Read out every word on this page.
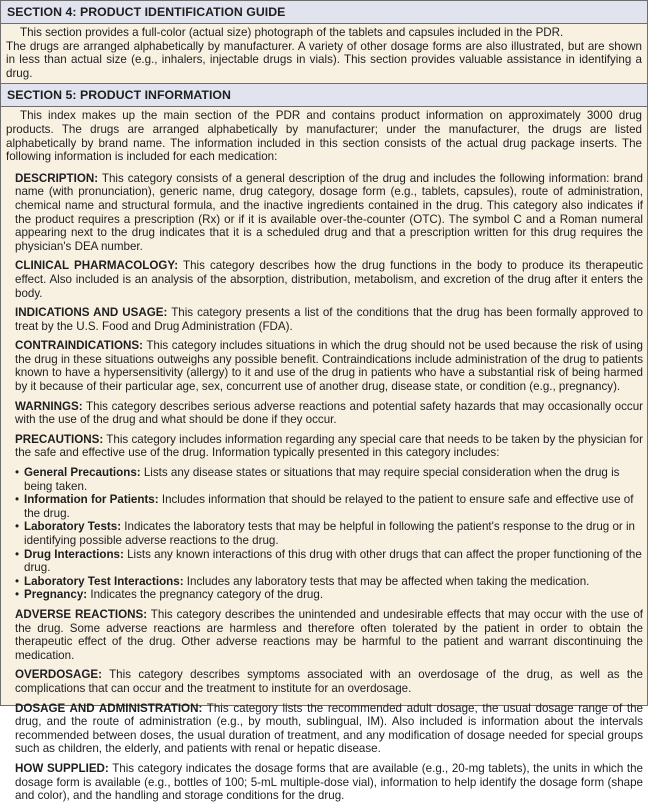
SECTION 4: PRODUCT IDENTIFICATION GUIDE

This section provides a full-color (actual size) photograph of the tablets and capsules included in the PDR.

The drugs are arranged alphabetically by manufacturer. A variety of other dosage forms are also illustrated, but are shown in less than actual size (e.g., inhalers, injectable drugs in vials). This section provides valuable assistance in identifying a drug.

SECTION 5: PRODUCT INFORMATION

This index makes up the main section of the PDR and contains product information on approximately 3000 drug products. The drugs are arranged alphabetically by manufacturer; under the manufacturer, the drugs are listed alphabetically by brand name. The information included in this section consists of the actual drug package inserts. The following information is included for each medication:

DESCRIPTION: This category consists of a general description of the drug and includes the following information: brand name (with pronunciation), generic name, drug category, dosage form (e.g., tablets, capsules), route of administration, chemical name and structural formula, and the inactive ingredients contained in the drug. This category also indicates if the product requires a prescription (Rx) or if it is available over-the-counter (OTC). The symbol C and a Roman numeral appearing next to the drug indicates that it is a scheduled drug and that a prescription written for this drug requires the physician's DEA number.

CLINICAL PHARMACOLOGY: This category describes how the drug functions in the body to produce its therapeutic effect. Also included is an analysis of the absorption, distribution, metabolism, and excretion of the drug after it enters the body.

INDICATIONS AND USAGE: This category presents a list of the conditions that the drug has been formally approved to treat by the U.S. Food and Drug Administration (FDA).

CONTRAINDICATIONS: This category includes situations in which the drug should not be used because the risk of using the drug in these situations outweighs any possible benefit. Contraindications include administration of the drug to patients known to have a hypersensitivity (allergy) to it and use of the drug in patients who have a substantial risk of being harmed by it because of their particular age, sex, concurrent use of another drug, disease state, or condition (e.g., pregnancy).

WARNINGS: This category describes serious adverse reactions and potential safety hazards that may occasionally occur with the use of the drug and what should be done if they occur.

PRECAUTIONS: This category includes information regarding any special care that needs to be taken by the physician for the safe and effective use of the drug. Information typically presented in this category includes:

• General Precautions: Lists any disease states or situations that may require special consideration when the drug is being taken.
• Information for Patients: Includes information that should be relayed to the patient to ensure safe and effective use of the drug.
• Laboratory Tests: Indicates the laboratory tests that may be helpful in following the patient's response to the drug or in identifying possible adverse reactions to the drug.
• Drug Interactions: Lists any known interactions of this drug with other drugs that can affect the proper functioning of the drug.
• Laboratory Test Interactions: Includes any laboratory tests that may be affected when taking the medication.
• Pregnancy: Indicates the pregnancy category of the drug.

ADVERSE REACTIONS: This category describes the unintended and undesirable effects that may occur with the use of the drug. Some adverse reactions are harmless and therefore often tolerated by the patient in order to obtain the therapeutic effect of the drug. Other adverse reactions may be harmful to the patient and warrant discontinuing the medication.

OVERDOSAGE: This category describes symptoms associated with an overdosage of the drug, as well as the complications that can occur and the treatment to institute for an overdosage.

DOSAGE AND ADMINISTRATION: This category lists the recommended adult dosage, the usual dosage range of the drug, and the route of administration (e.g., by mouth, sublingual, IM). Also included is information about the intervals recommended between doses, the usual duration of treatment, and any modification of dosage needed for special groups such as children, the elderly, and patients with renal or hepatic disease.

HOW SUPPLIED: This category indicates the dosage forms that are available (e.g., 20-mg tablets), the units in which the dosage form is available (e.g., bottles of 100; 5-mL multiple-dose vial), information to help identify the dosage form (shape and color), and the handling and storage conditions for the drug.
